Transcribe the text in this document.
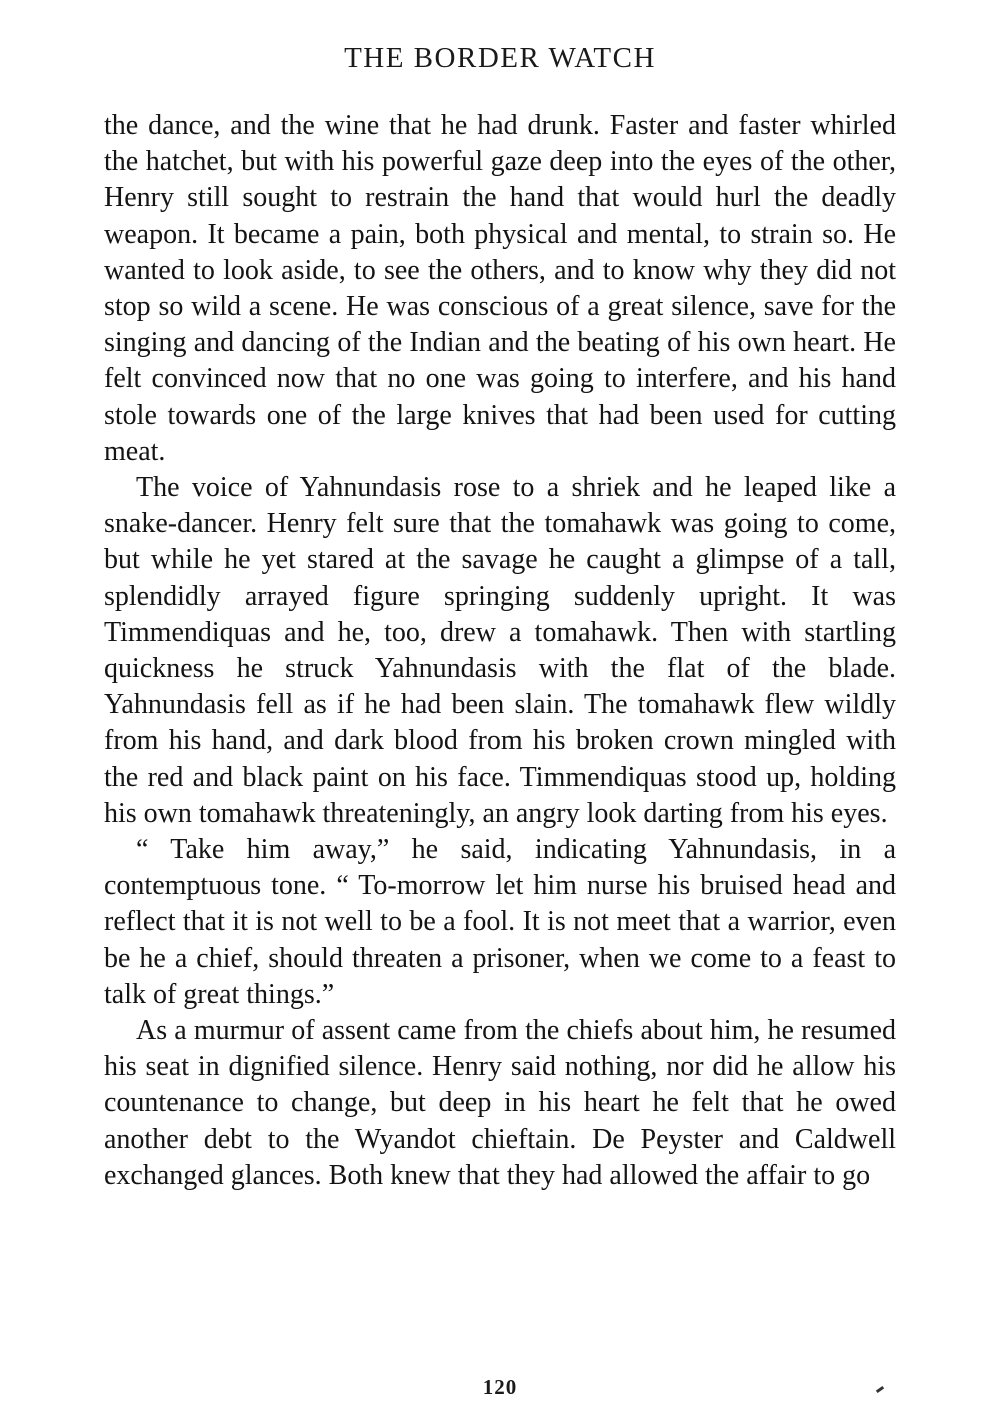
THE BORDER WATCH

the dance, and the wine that he had drunk. Faster and faster whirled the hatchet, but with his powerful gaze deep into the eyes of the other, Henry still sought to restrain the hand that would hurl the deadly weapon. It became a pain, both physical and mental, to strain so. He wanted to look aside, to see the others, and to know why they did not stop so wild a scene. He was conscious of a great silence, save for the singing and dancing of the Indian and the beating of his own heart. He felt convinced now that no one was going to interfere, and his hand stole towards one of the large knives that had been used for cutting meat.

The voice of Yahnundasis rose to a shriek and he leaped like a snake-dancer. Henry felt sure that the tomahawk was going to come, but while he yet stared at the savage he caught a glimpse of a tall, splendidly arrayed figure springing suddenly upright. It was Timmendiquas and he, too, drew a tomahawk. Then with startling quickness he struck Yahnundasis with the flat of the blade. Yahnundasis fell as if he had been slain. The tomahawk flew wildly from his hand, and dark blood from his broken crown mingled with the red and black paint on his face. Timmendiquas stood up, holding his own tomahawk threateningly, an angry look darting from his eyes.

“ Take him away,” he said, indicating Yahnundasis, in a contemptuous tone. “ To-morrow let him nurse his bruised head and reflect that it is not well to be a fool. It is not meet that a warrior, even be he a chief, should threaten a prisoner, when we come to a feast to talk of great things.”

As a murmur of assent came from the chiefs about him, he resumed his seat in dignified silence. Henry said nothing, nor did he allow his countenance to change, but deep in his heart he felt that he owed another debt to the Wyandot chieftain. De Peyster and Caldwell exchanged glances. Both knew that they had allowed the affair to go

120
